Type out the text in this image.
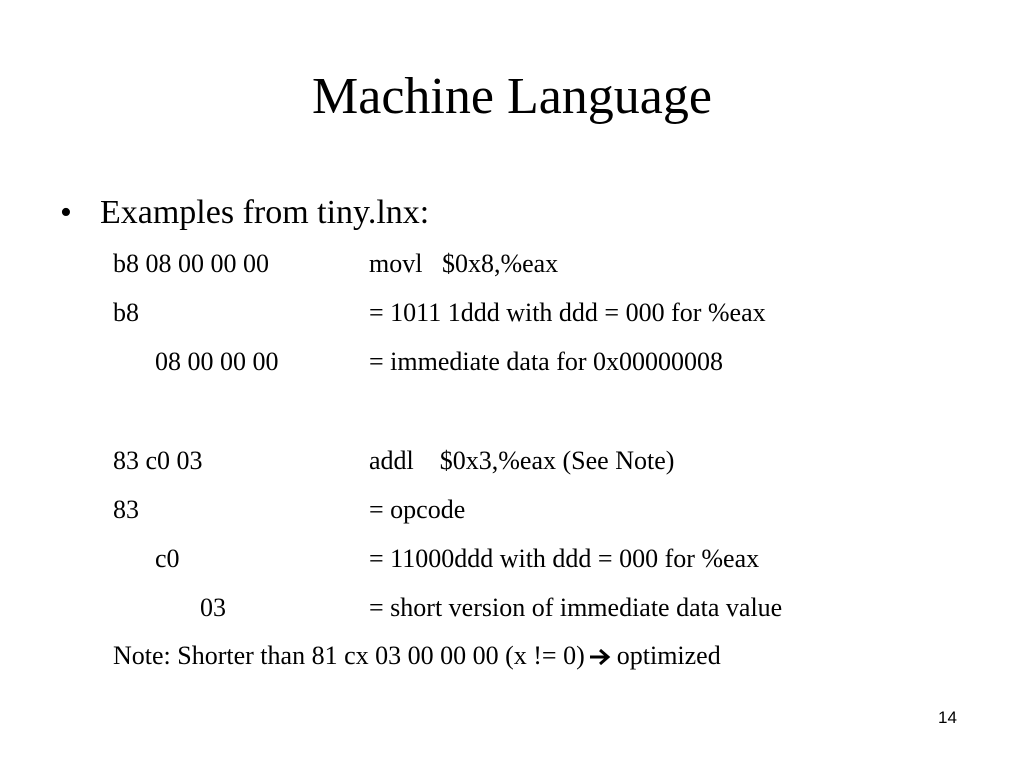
Machine Language
• Examples from tiny.lnx:
b8 08 00 00 00	movl   $0x8,%eax
b8	= 1011 1ddd with ddd = 000 for %eax
08 00 00 00	= immediate data for 0x00000008
83 c0 03	addl    $0x3,%eax (See Note)
83	= opcode
c0	= 11000ddd with ddd = 000 for %eax
03	= short version of immediate data value
Note: Shorter than 81 cx 03 00 00 00 (x != 0) optimized
14
